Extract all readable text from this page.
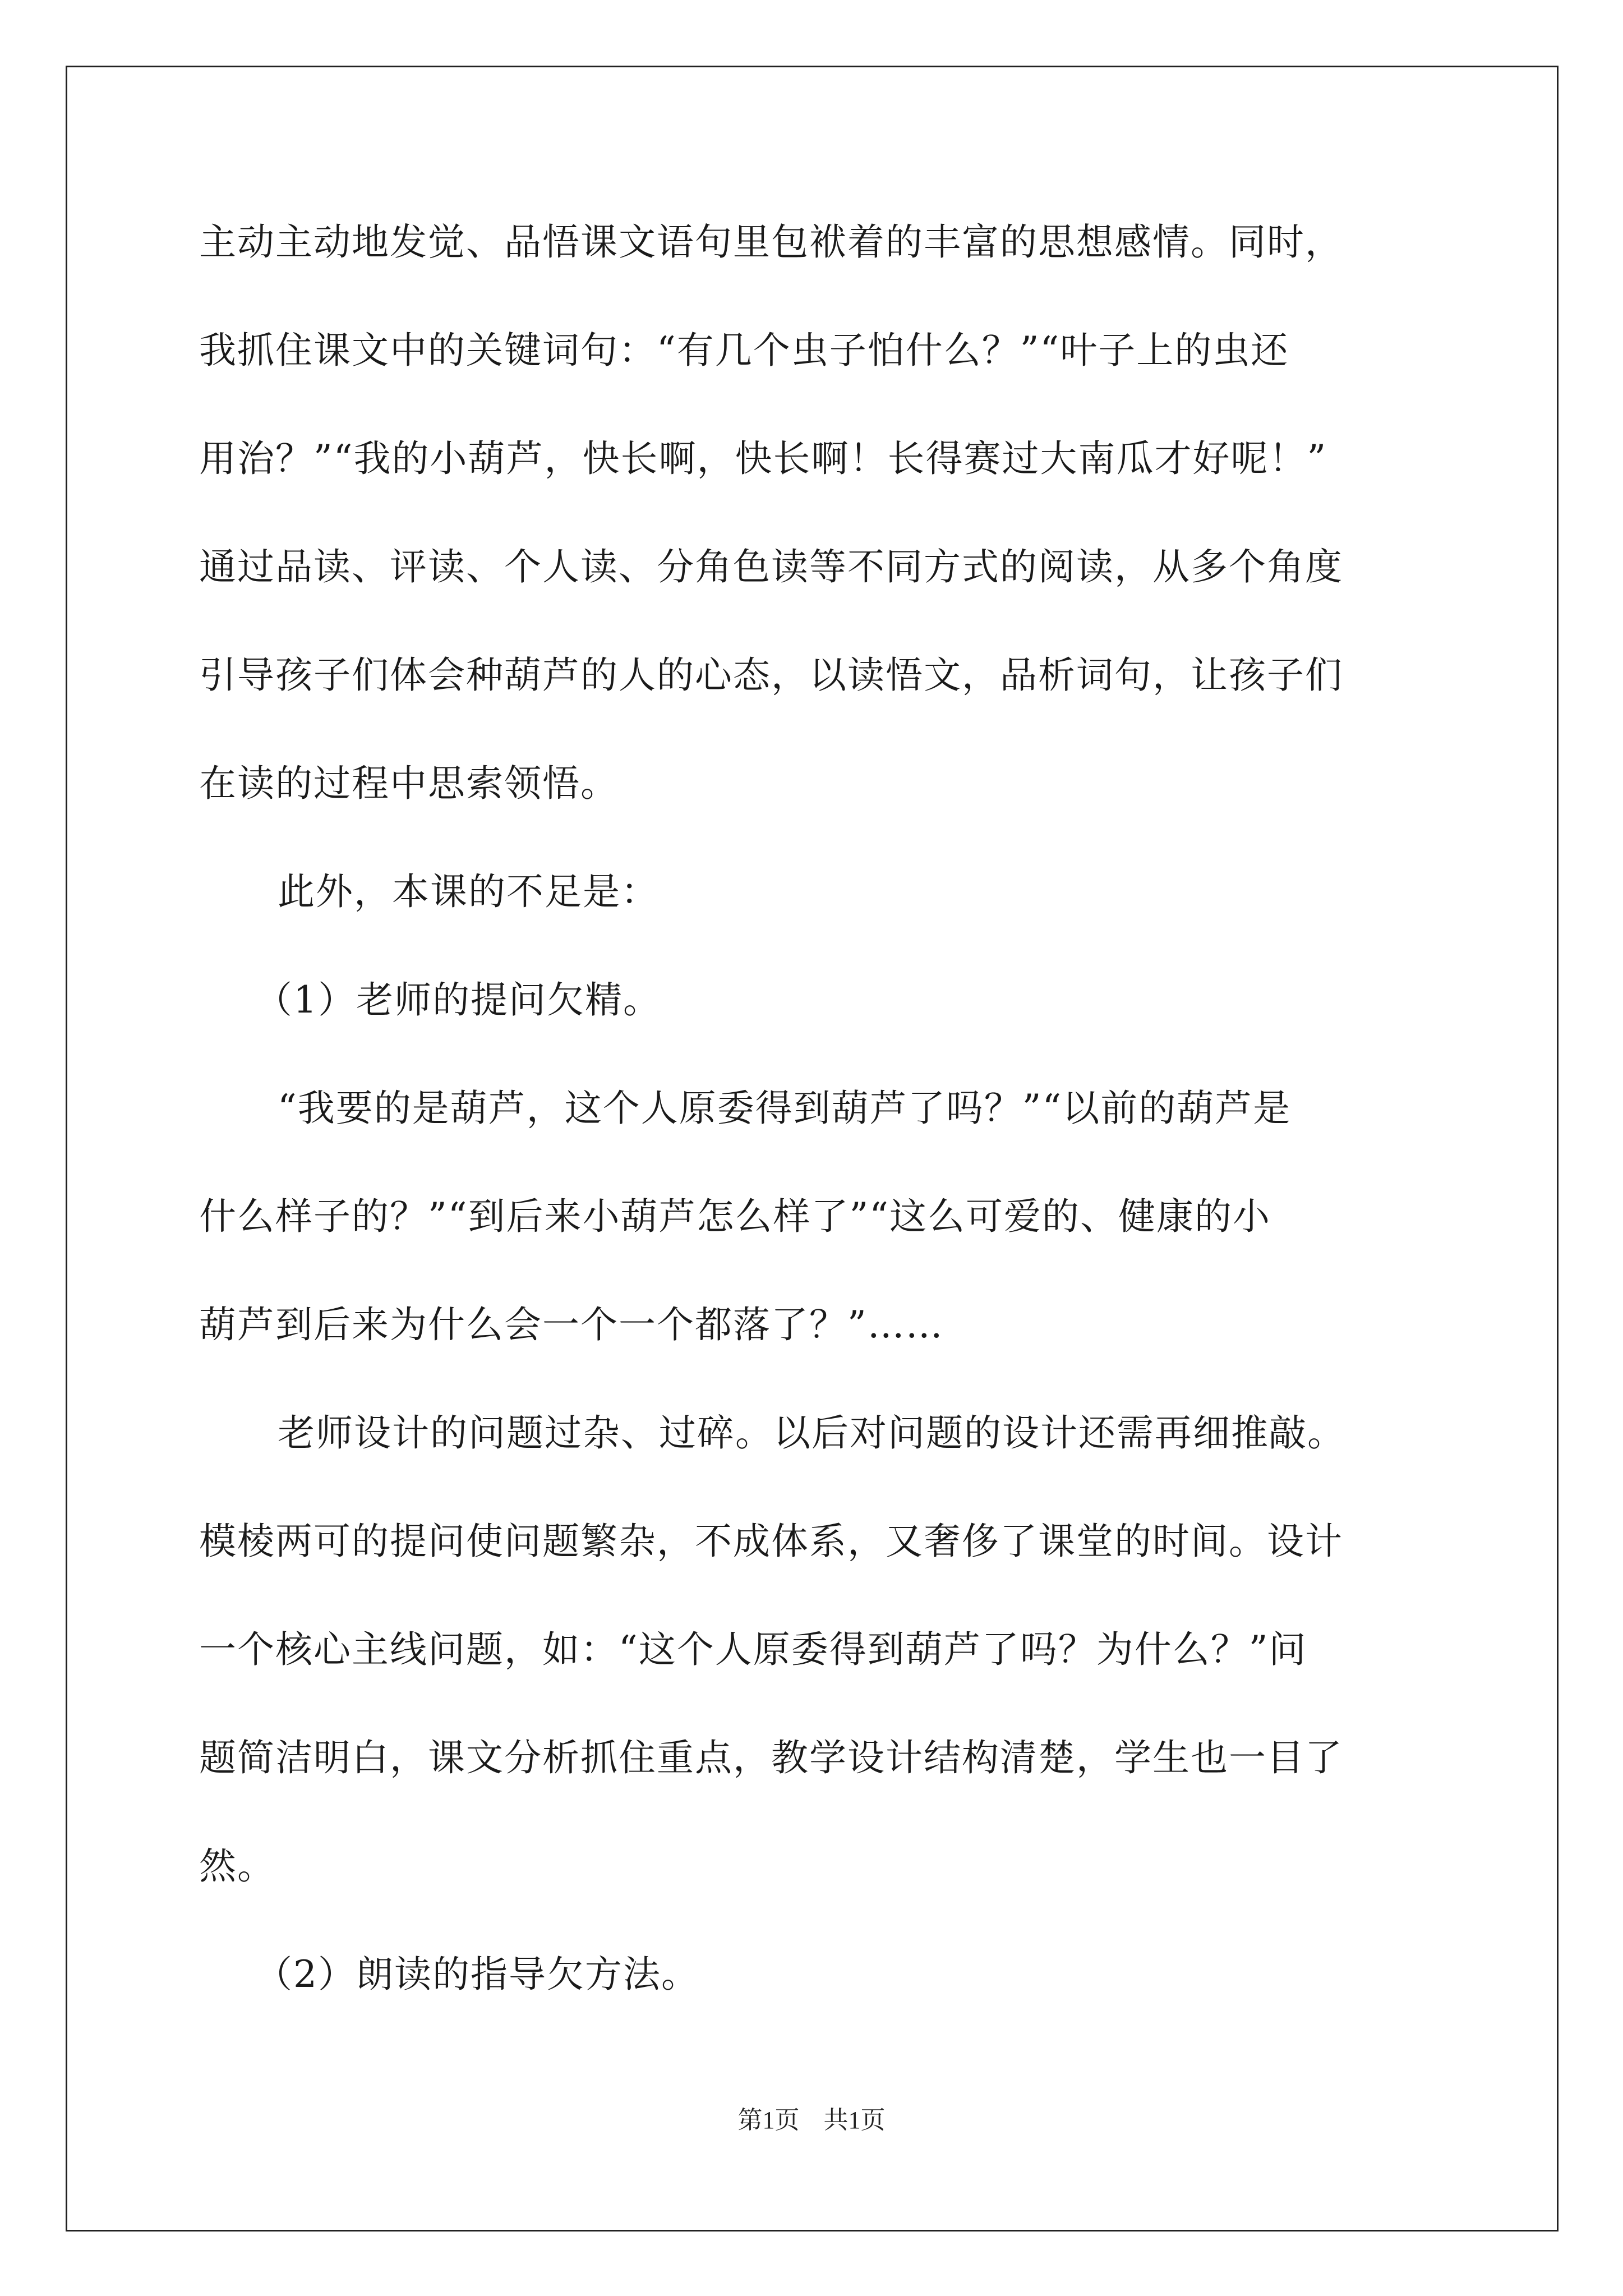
主动主动地发觉、品悟课文语句里包袱着的丰富的思想感情。同时，
我抓住课文中的关键词句：“有几个虫子怕什么？”“叶子上的虫还
用治？”“我的小葫芦，快长啊，快长啊！长得赛过大南瓜才好呢！”
通过品读、评读、个人读、分角色读等不同方式的阅读，从多个角度
引导孩子们体会种葫芦的人的心态，以读悟文，品析词句，让孩子们
在读的过程中思索领悟。
此外，本课的不足是：
（1）老师的提问欠精。
“我要的是葫芦，这个人原委得到葫芦了吗？”“以前的葫芦是
什么样子的？”“到后来小葫芦怎么样了”“这么可爱的、健康的小
葫芦到后来为什么会一个一个都落了？”……
老师设计的问题过杂、过碎。以后对问题的设计还需再细推敲。
模棱两可的提问使问题繁杂，不成体系，又奢侈了课堂的时间。设计
一个核心主线问题，如：“这个人原委得到葫芦了吗？为什么？”问
题简洁明白，课文分析抓住重点，教学设计结构清楚，学生也一目了
然。
（2）朗读的指导欠方法。
第1页 共1页
